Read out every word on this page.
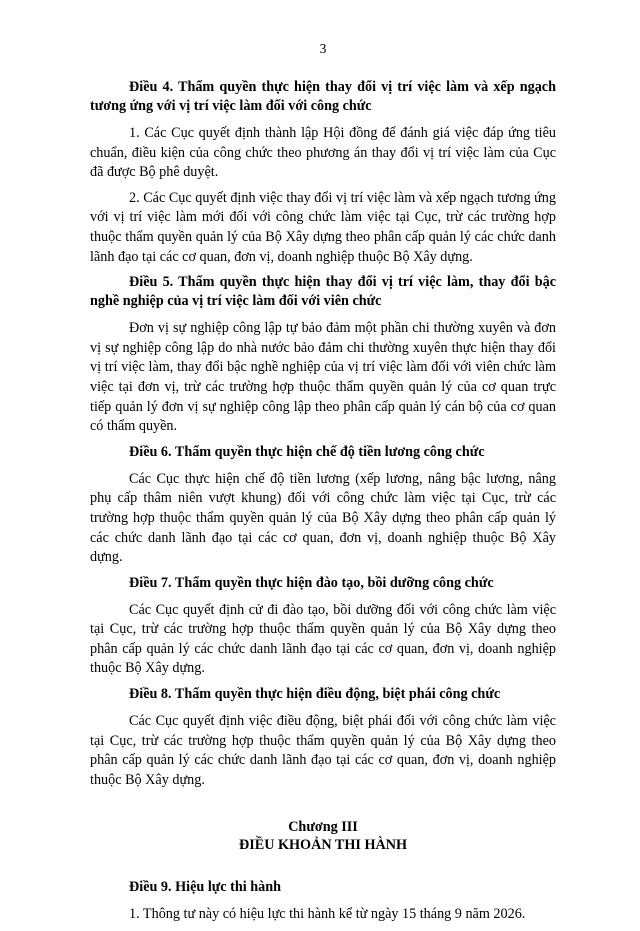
3

Điều 4. Thẩm quyền thực hiện thay đổi vị trí việc làm và xếp ngạch tương ứng với vị trí việc làm đối với công chức

1. Các Cục quyết định thành lập Hội đồng để đánh giá việc đáp ứng tiêu chuẩn, điều kiện của công chức theo phương án thay đổi vị trí việc làm của Cục đã được Bộ phê duyệt.

2. Các Cục quyết định việc thay đổi vị trí việc làm và xếp ngạch tương ứng với vị trí việc làm mới đối với công chức làm việc tại Cục, trừ các trường hợp thuộc thẩm quyền quản lý của Bộ Xây dựng theo phân cấp quản lý các chức danh lãnh đạo tại các cơ quan, đơn vị, doanh nghiệp thuộc Bộ Xây dựng.

Điều 5. Thẩm quyền thực hiện thay đổi vị trí việc làm, thay đổi bậc nghề nghiệp của vị trí việc làm đối với viên chức

Đơn vị sự nghiệp công lập tự bảo đảm một phần chi thường xuyên và đơn vị sự nghiệp công lập do nhà nước bảo đảm chi thường xuyên thực hiện thay đổi vị trí việc làm, thay đổi bậc nghề nghiệp của vị trí việc làm đối với viên chức làm việc tại đơn vị, trừ các trường hợp thuộc thẩm quyền quản lý của cơ quan trực tiếp quản lý đơn vị sự nghiệp công lập theo phân cấp quản lý cán bộ của cơ quan có thẩm quyền.

Điều 6. Thẩm quyền thực hiện chế độ tiền lương công chức

Các Cục thực hiện chế độ tiền lương (xếp lương, nâng bậc lương, nâng phụ cấp thâm niên vượt khung) đối với công chức làm việc tại Cục, trừ các trường hợp thuộc thẩm quyền quản lý của Bộ Xây dựng theo phân cấp quản lý các chức danh lãnh đạo tại các cơ quan, đơn vị, doanh nghiệp thuộc Bộ Xây dựng.

Điều 7. Thẩm quyền thực hiện đào tạo, bồi dưỡng công chức

Các Cục quyết định cử đi đào tạo, bồi dưỡng đối với công chức làm việc tại Cục, trừ các trường hợp thuộc thẩm quyền quản lý của Bộ Xây dựng theo phân cấp quản lý các chức danh lãnh đạo tại các cơ quan, đơn vị, doanh nghiệp thuộc Bộ Xây dựng.

Điều 8. Thẩm quyền thực hiện điều động, biệt phái công chức

Các Cục quyết định việc điều động, biệt phái đối với công chức làm việc tại Cục, trừ các trường hợp thuộc thẩm quyền quản lý của Bộ Xây dựng theo phân cấp quản lý các chức danh lãnh đạo tại các cơ quan, đơn vị, doanh nghiệp thuộc Bộ Xây dựng.

Chương III
ĐIỀU KHOẢN THI HÀNH

Điều 9. Hiệu lực thi hành

1. Thông tư này có hiệu lực thi hành kể từ ngày 15 tháng 9 năm 2026.
